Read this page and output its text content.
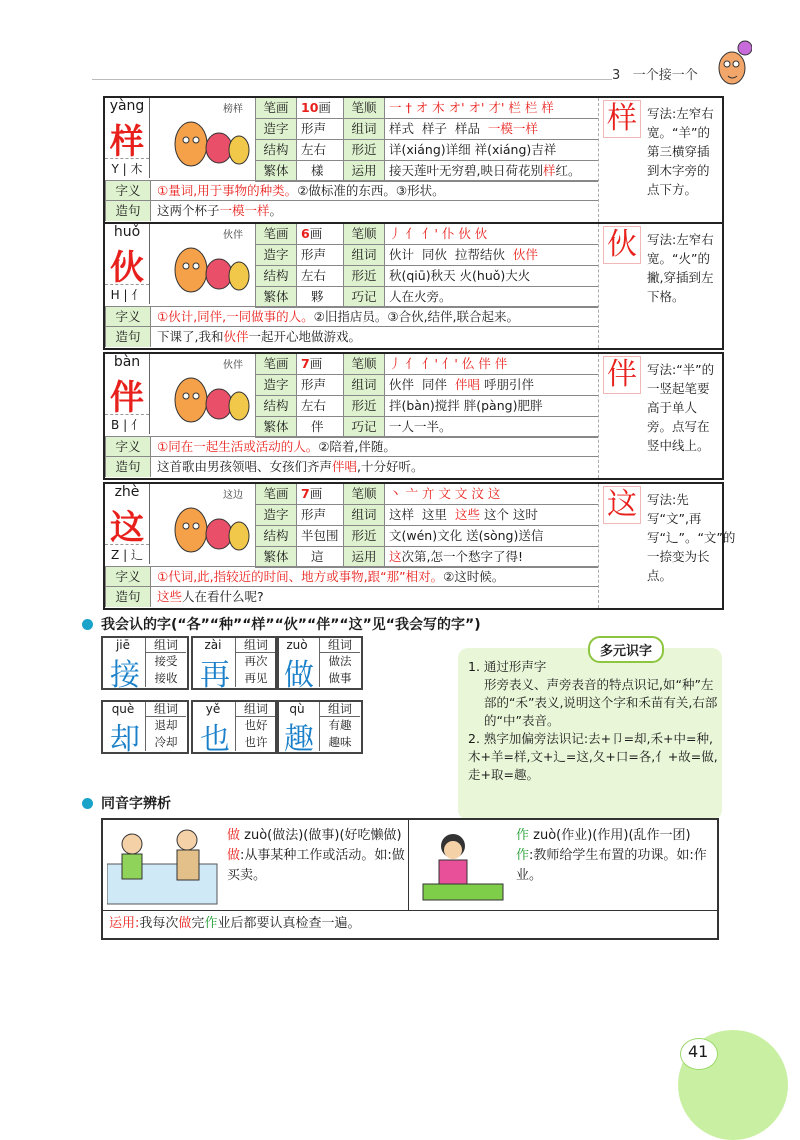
3 一个接一个
yàng
样
Y | 木
榜样	笔画	10画	笔顺	一 † オ 木 オ' オ' 才' 栏 栏 样
造字	形声	组词	样式 样子 样品 一模一样
结构	左右	形近	详(xiáng)详细 祥(xiáng)吉祥
繁体	樣	运用	接天莲叶无穷碧,映日荷花别样红。
字义	①量词,用于事物的种类。②做标准的东西。③形状。
造句	这两个杯子一模一样。
样 写法:左窄右宽。“羊”的第三横穿插到木字旁的点下方。
huǒ
伙
H | 亻
伙伴	笔画	6画	笔顺	丿 亻 亻' 仆 伙 伙
造字	形声	组词	伙计 同伙 拉帮结伙 伙伴
结构	左右	形近	秋(qiū)秋天 火(huǒ)大火
繁体	夥	巧记	人在火旁。
字义	①伙计,同伴,一同做事的人。②旧指店员。③合伙,结伴,联合起来。
造句	下课了,我和伙伴一起开心地做游戏。
伙 写法:左窄右宽。“火”的撇,穿插到左下格。
bàn
伴
B | 亻
伙伴	笔画	7画	笔顺	丿 亻 亻' 亻' 仫 伴 伴
造字	形声	组词	伙伴 同伴 伴唱 呼朋引伴
结构	左右	形近	拌(bàn)搅拌 胖(pàng)肥胖
繁体	伴	巧记	一人一半。
字义	①同在一起生活或活动的人。②陪着,伴随。
造句	这首歌由男孩领唱、女孩们齐声伴唱,十分好听。
伴 写法:“半”的一竖起笔要高于单人旁。点写在竖中线上。
zhè
这
Z | 辶
这边	笔画	7画	笔顺	丶 亠 亣 文 文 汶 这
造字	形声	组词	这样 这里 这些 这个 这时
结构	半包围	形近	文(wén)文化 送(sòng)送信
繁体	這	运用	这次第,怎一个愁字了得!
字义	①代词,此,指较近的时间、地方或事物,跟“那”相对。②这时候。
造句	这些人在看什么呢?
这 写法:先写“文”,再写“辶”。“文”的一捺变为长点。
我会认的字(“各”“种”“样”“伙”“伴”“这”见“我会写的字”)
jiē
接
组词
接受
接收
zài
再
组词
再次
再见
zuò
做
组词
做法
做事
què
却
组词
退却
冷却
yě
也
组词
也好
也许
qù
趣
组词
有趣
趣味
多元识字
1. 通过形声字
形旁表义、声旁表音的特点识记,如“种”左部的“禾”表义,说明这个字和禾苗有关,右部的“中”表音。
2. 熟字加偏旁法识记:去+卩=却,禾+中=种,木+羊=样,文+辶=这,夂+口=各,亻+故=做,走+取=趣。
同音字辨析
做 zuò(做法)(做事)(好吃懒做)
做:从事某种工作或活动。如:做买卖。
作 zuò(作业)(作用)(乱作一团)
作:教师给学生布置的功课。如:作业。
运用:我每次做完作业后都要认真检查一遍。
41
